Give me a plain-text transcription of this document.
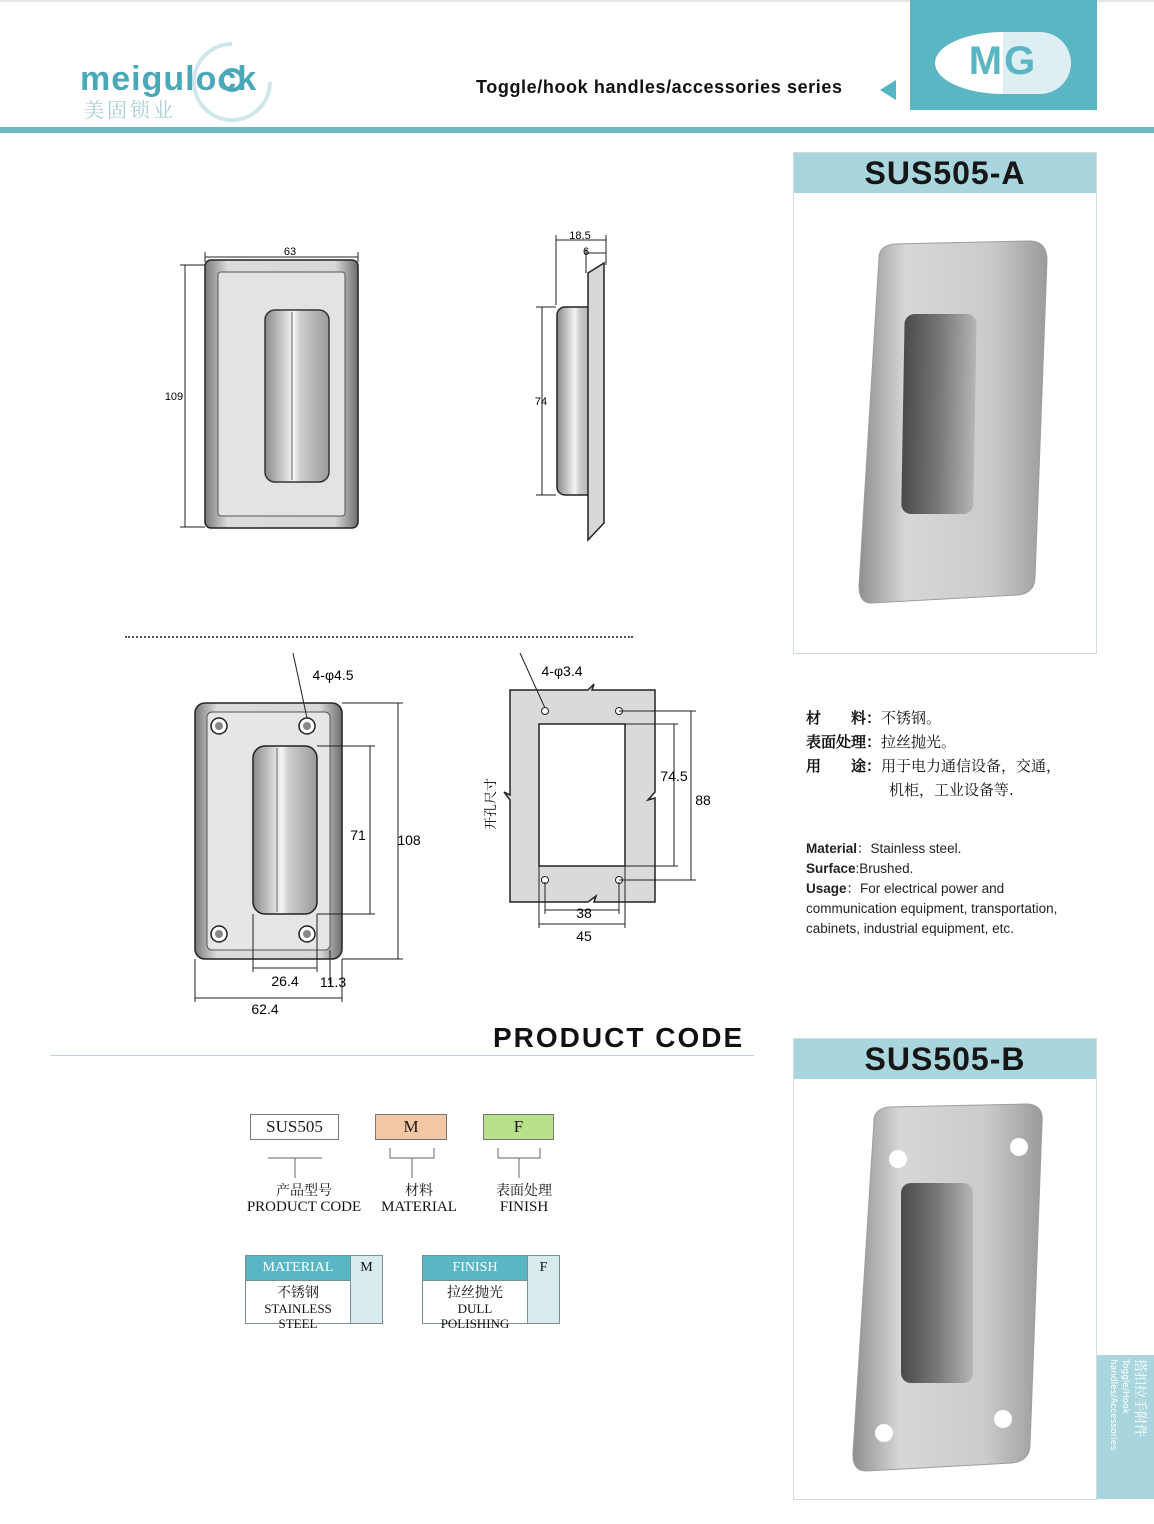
meigulock
美固锁业
Toggle/hook handles/accessories series
MG
63
109
18.5
6
74
4-φ4.5
71 108
26.4 11.3
62.4
4-φ3.4
74.5
88
38
45
开孔尺寸
SUS505-A
材　　料：不锈钢。
表面处理：拉丝抛光。
用　　途：用于电力通信设备，交通，
机柜，工业设备等.
Material：Stainless steel.
Surface:Brushed.
Usage：For electrical power and
communication equipment, transportation,
cabinets, industrial equipment, etc.
SUS505-B
PRODUCT CODE
SUS505	M	F
产品型号
PRODUCT CODE
材料
MATERIAL
表面处理
FINISH
MATERIAL	M
不锈钢
STAINLESS STEEL
FINISH	F
拉丝抛光
DULL POLISHING
搭扣拉手附件
Toggle/Hook handles/Accessories
